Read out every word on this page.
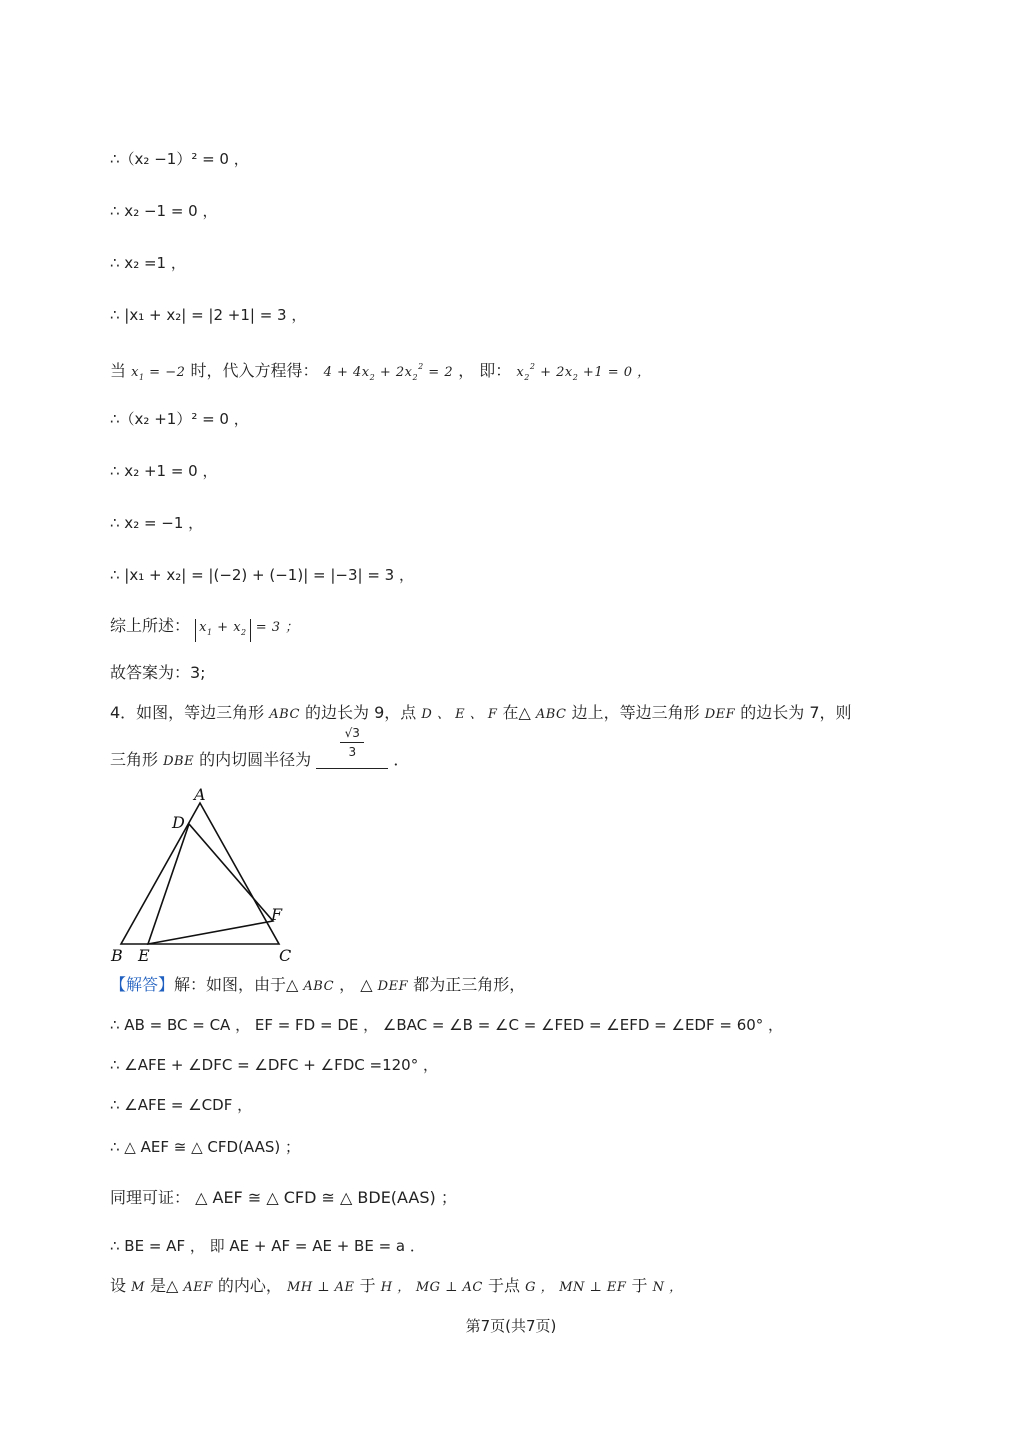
∴（x₂ −1）² = 0 ，
∴ x₂ −1 = 0 ，
∴ x₂ =1 ，
∴ |x₁ + x₂| = |2 +1| = 3 ，
当 $x_1 = -2$ 时，代入方程得： $4 + 4x_2 + 2x_2^2 = 2$ ， 即： $x_2^2 + 2x_2 +1 = 0$ ，
∴（x₂ +1）² = 0 ，
∴ x₂ +1 = 0 ，
∴ x₂ = −1 ，
∴ |x₁ + x₂| = |(−2) + (−1)| = |−3| = 3 ，
综上所述： $x_1 + x_2 = 3$ ；
故答案为：3;
4．如图，等边三角形 ABC 的边长为 9，点 D 、 E 、 F 在△ ABC 边上，等边三角形 DEF 的边长为 7，则
三角形 DBE 的内切圆半径为 $\frac{√3}{3}$ ．
A
D
F
B E	C
【解答】解：如图，由于△ ABC ， △ DEF 都为正三角形，
∴ AB = BC = CA ， EF = FD = DE ， ∠BAC = ∠B = ∠C = ∠FED = ∠EFD = ∠EDF = 60° ，
∴ ∠AFE + ∠DFC = ∠DFC + ∠FDC =120° ，
∴ ∠AFE = ∠CDF ，
∴ △ AEF ≅ △ CFD(AAS) ；
同理可证： △ AEF ≅ △ CFD ≅ △ BDE(AAS) ；
∴ BE = AF ， 即 AE + AF = AE + BE = a ．
设 M 是△ AEF 的内心， MH ⊥ AE 于 H ， MG ⊥ AC 于点 G ， MN ⊥ EF 于 N ，
第7页(共7页)
